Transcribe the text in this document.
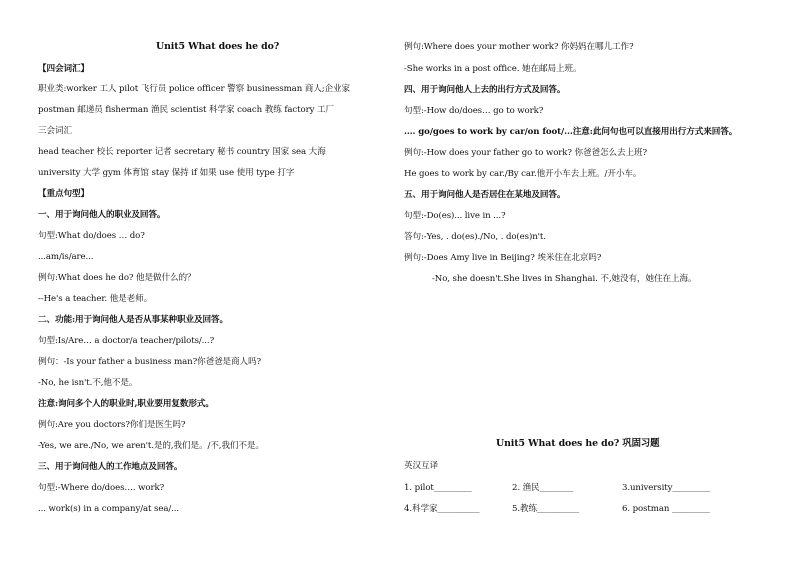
Unit5 What does he do?
【四会词汇】
职业类:worker 工人 pilot 飞行员 police officer 警察 businessman 商人;企业家
postman 邮递员 fisherman 渔民 scientist 科学家 coach 教练 factory 工厂
三会词汇
head teacher 校长 reporter 记者 secretary 秘书 country 国家 sea 大海
university 大学 gym 体育馆 stay 保持 if 如果 use 使用 type 打字
【重点句型】
一、用于询问他人的职业及回答。
句型:What do/does … do?
...am/is/are...
例句:What does he do? 他是做什么的？
--He's a teacher. 他是老师。
二、功能:用于询问他人是否从事某种职业及回答。
句型:Is/Are… a doctor/a teacher/pilots/...?
例句：-Is your father a business man?你爸爸是商人吗?
-No, he isn't.不,他不是。
注意:询问多个人的职业时,职业要用复数形式。
例句:Are you doctors?你们是医生吗?
-Yes, we are./No, we aren't.是的,我们是。/不,我们不是。
三、用于询问他人的工作地点及回答。
句型:-Where do/does…. work?
... work(s) in a company/at sea/...
例句:Where does your mother work? 你妈妈在哪儿工作?
-She works in a post office. 她在邮局上班。
四、用于询问他人上去的出行方式及回答。
句型:-How do/does… go to work?
.… go/goes to work by car/on foot/...注意:此问句也可以直接用出行方式来回答。
例句:-How does your father go to work? 你爸爸怎么去上班?
He goes to work by car./By car.他开小车去上班。/开小车。
五、用于询问他人是否居住在某地及回答。
句型:-Do(es)... live in ...?
答句:-Yes, . do(es)./No, . do(es)n't.
例句:-Does Amy live in Beijing? 埃米住在北京吗?
-No, she doesn't.She lives in Shanghai. 不,她没有，她住在上海。
Unit5 What does he do? 巩固习题
英汉互译
1. pilot_________	2. 渔民________	3.university_________
4.科学家__________	5.教练__________	6. postman _________
